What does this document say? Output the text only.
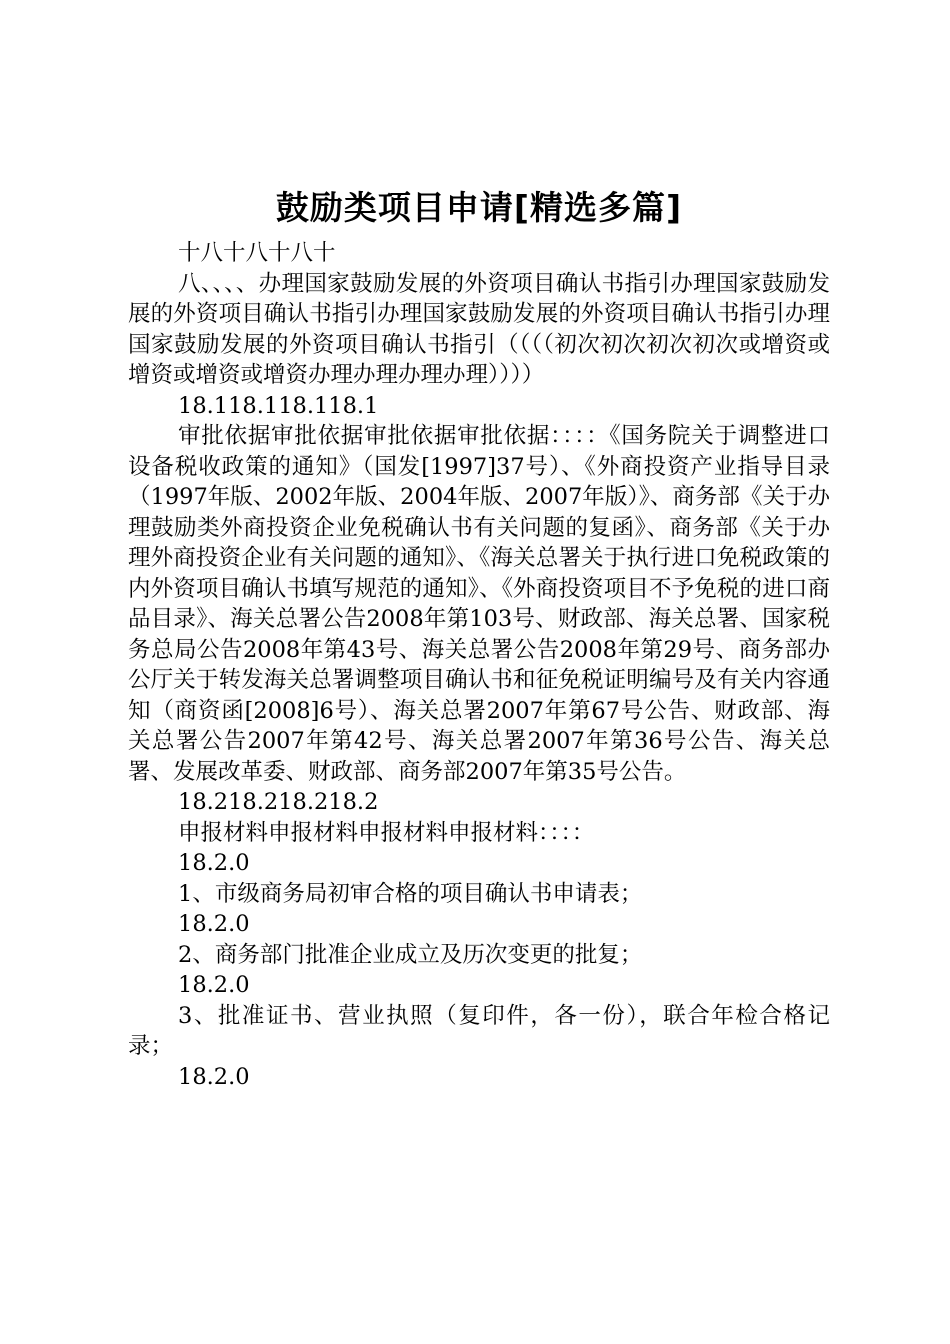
鼓励类项目申请[精选多篇]

十八十八十八十

八、、、、办理国家鼓励发展的外资项目确认书指引办理国家鼓励发展的外资项目确认书指引办理国家鼓励发展的外资项目确认书指引办理国家鼓励发展的外资项目确认书指引（（（（初次初次初次初次或增资或增资或增资或增资办理办理办理办理））））

18.118.118.118.1

审批依据审批依据审批依据审批依据：：：：《国务院关于调整进口设备税收政策的通知》（国发[1997]37号）、《外商投资产业指导目录（1997年版、2002年版、2004年版、2007年版）》、商务部《关于办理鼓励类外商投资企业免税确认书有关问题的复函》、商务部《关于办理外商投资企业有关问题的通知》、《海关总署关于执行进口免税政策的内外资项目确认书填写规范的通知》、《外商投资项目不予免税的进口商品目录》、海关总署公告2008年第103号、财政部、海关总署、国家税务总局公告2008年第43号、海关总署公告2008年第29号、商务部办公厅关于转发海关总署调整项目确认书和征免税证明编号及有关内容通知（商资函[2008]6号）、海关总署2007年第67号公告、财政部、海关总署公告2007年第42号、海关总署2007年第36号公告、海关总署、发展改革委、财政部、商务部2007年第35号公告。

18.218.218.218.2

申报材料申报材料申报材料申报材料：：：：

18.2.0

1、市级商务局初审合格的项目确认书申请表；

18.2.0

2、商务部门批准企业成立及历次变更的批复；

18.2.0

3、批准证书、营业执照（复印件，各一份），联合年检合格记录；

18.2.0
